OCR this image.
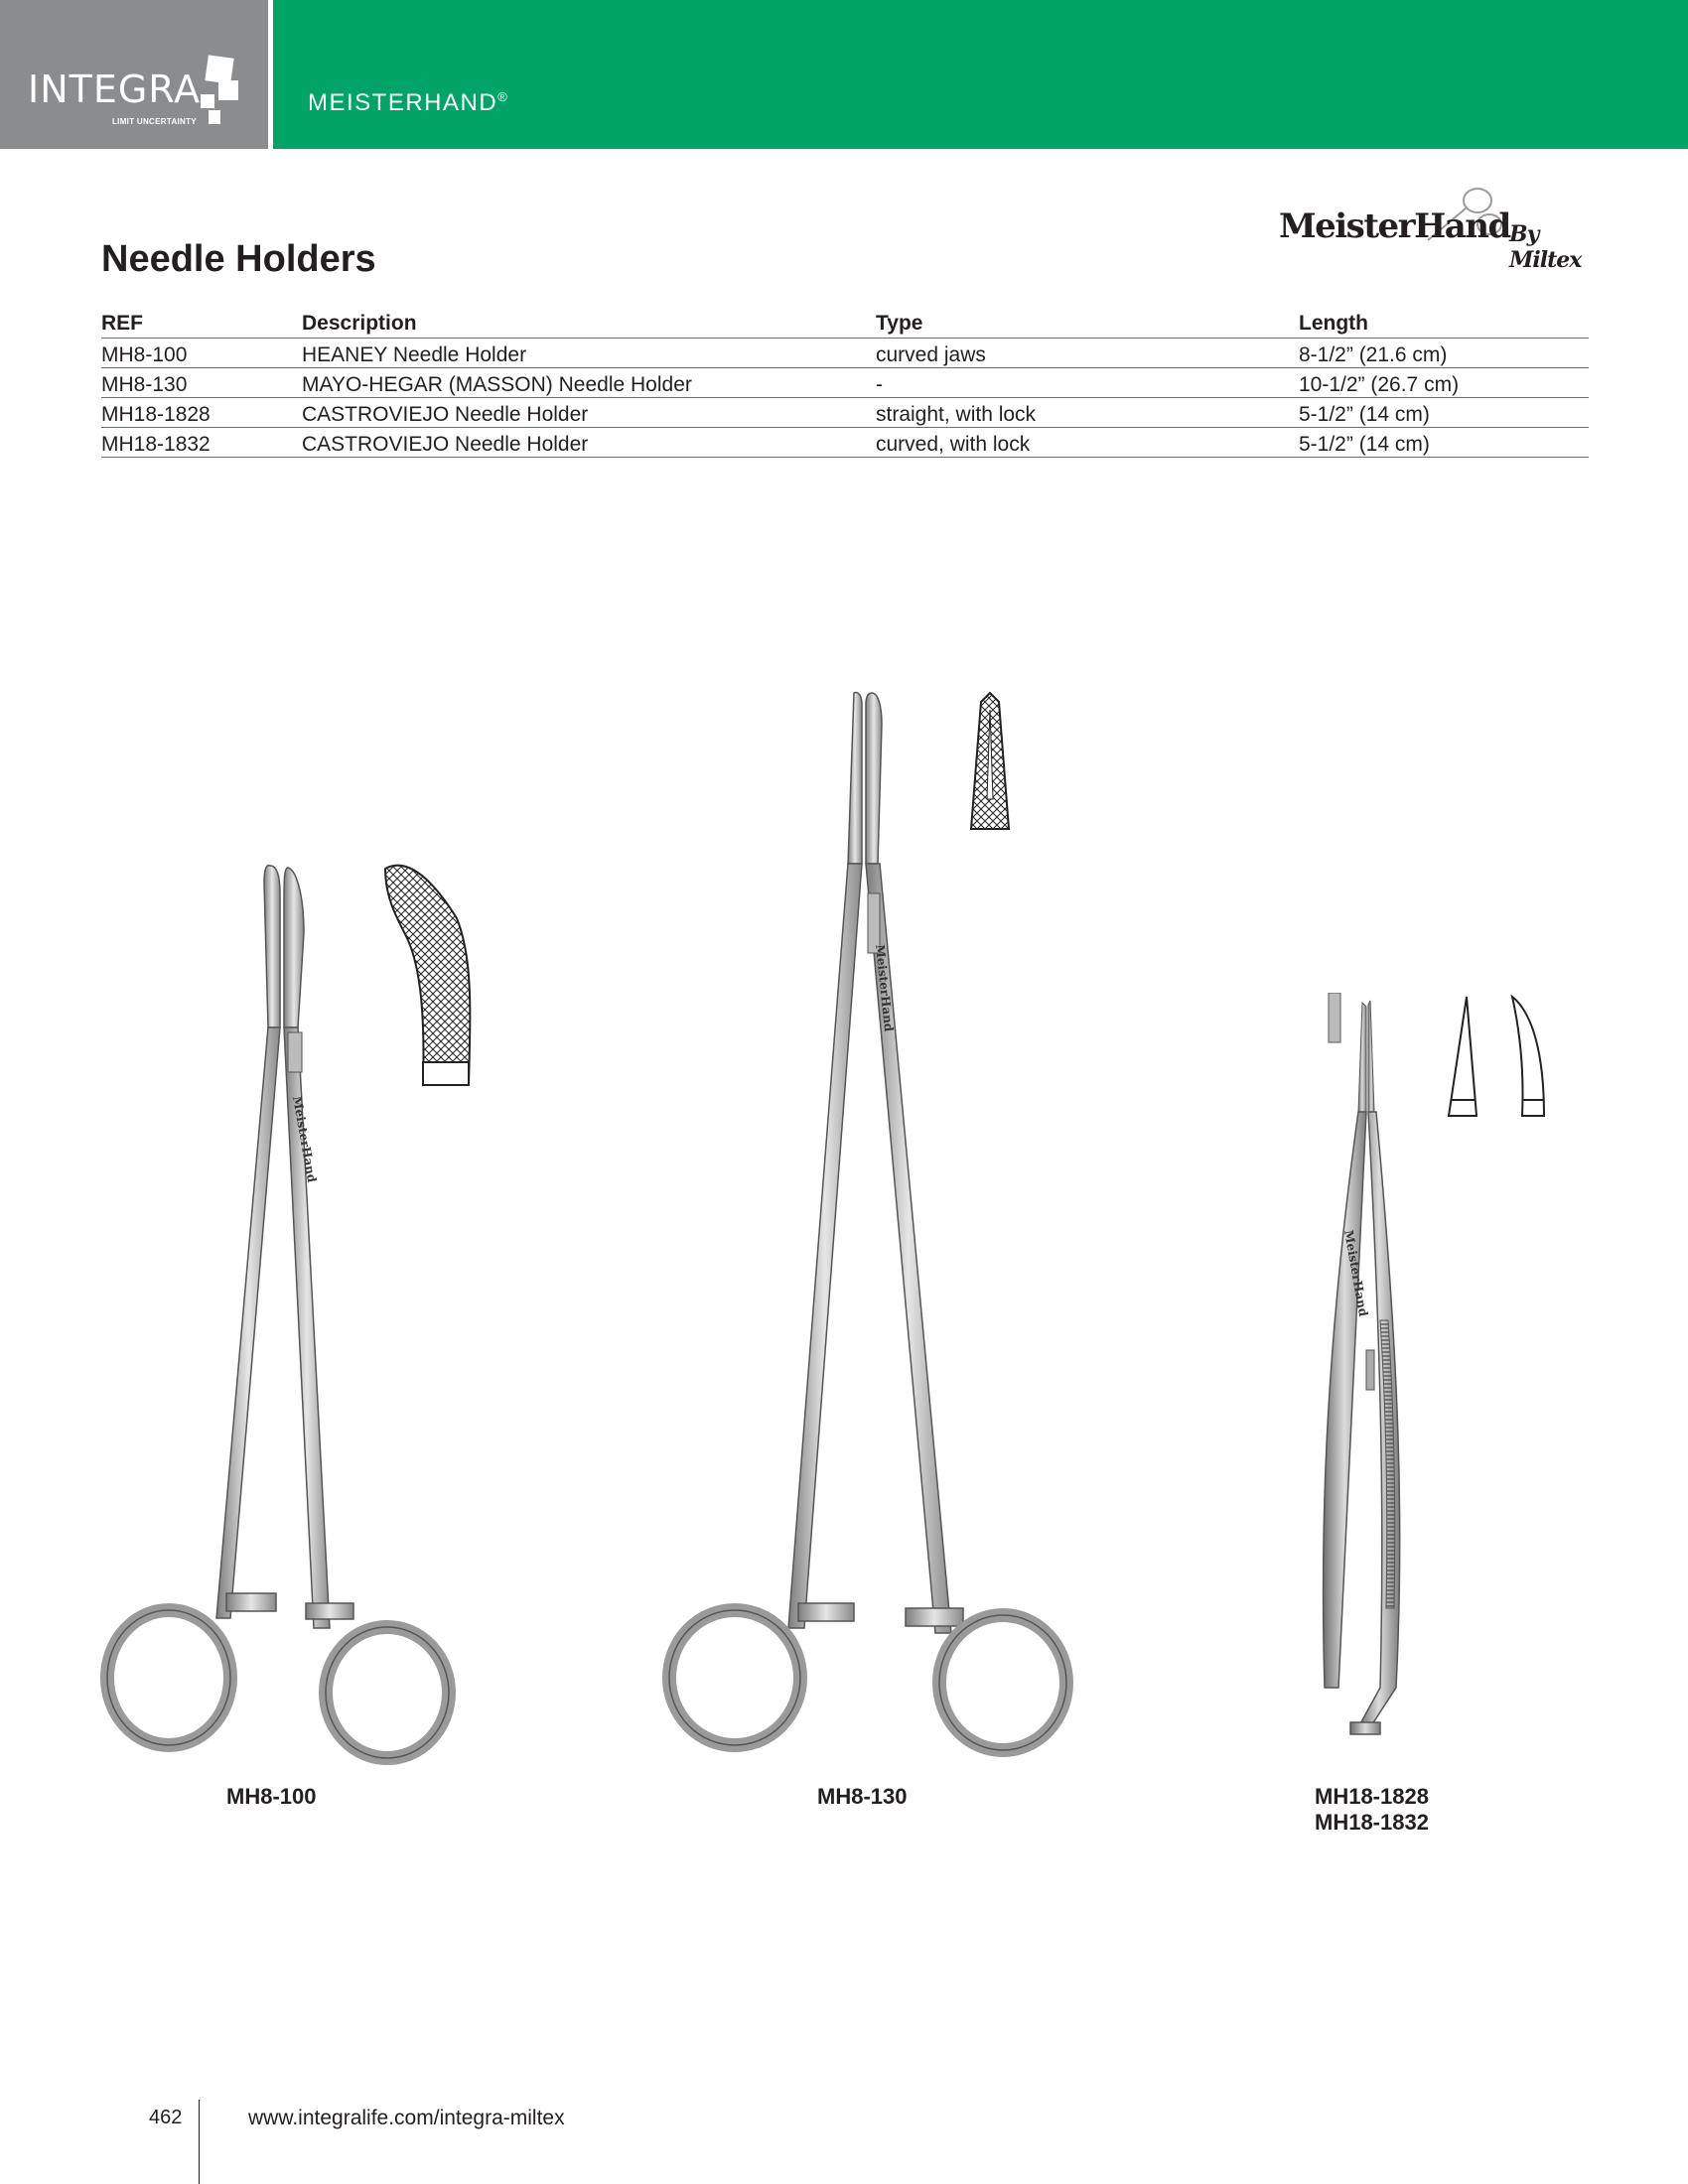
INTEGRA
LIMIT UNCERTAINTY
MEISTERHAND®
Needle Holders
MeisterHand By Miltex
REF	Description	Type	Length
MH8-100	HEANEY Needle Holder	curved jaws	8-1/2” (21.6 cm)
MH8-130	MAYO-HEGAR (MASSON) Needle Holder	-	10-1/2” (26.7 cm)
MH18-1828	CASTROVIEJO Needle Holder	straight, with lock	5-1/2” (14 cm)
MH18-1832	CASTROVIEJO Needle Holder	curved, with lock	5-1/2” (14 cm)
MeisterHand
MH8-100
MeisterHand
MH8-130
MeisterHand
MH18-1828
MH18-1832
462	www.integralife.com/integra-miltex
